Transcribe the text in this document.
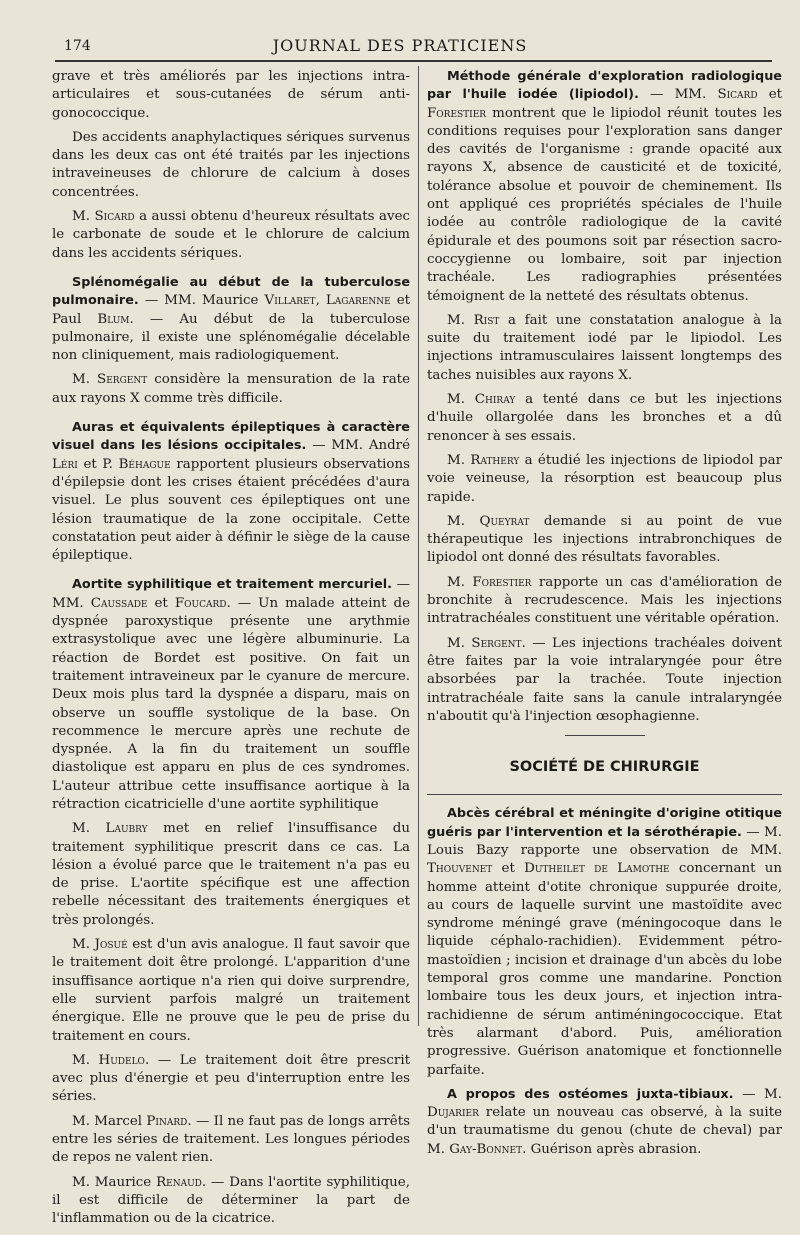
174	JOURNAL DES PRATICIENS

grave et très améliorés par les injections intra-articulaires et sous-cutanées de sérum anti-gonococcique.

Des accidents anaphylactiques sériques survenus dans les deux cas ont été traités par les injections intraveineuses de chlorure de calcium à doses concentrées.

M. Sicard a aussi obtenu d'heureux résultats avec le carbonate de soude et le chlorure de calcium dans les accidents sériques.

Splénomégalie au début de la tuberculose pulmonaire. — MM. Maurice Villaret, Lagarenne et Paul Blum. — Au début de la tuberculose pulmonaire, il existe une splénomégalie décelable non cliniquement, mais radiologiquement.

M. Sergent considère la mensuration de la rate aux rayons X comme très difficile.

Auras et équivalents épileptiques à caractère visuel dans les lésions occipitales. — MM. André Léri et P. Béhague rapportent plusieurs observations d'épilepsie dont les crises étaient précédées d'aura visuel. Le plus souvent ces épileptiques ont une lésion traumatique de la zone occipitale. Cette constatation peut aider à définir le siège de la cause épileptique.

Aortite syphilitique et traitement mercuriel. — MM. Caussade et Foucard. — Un malade atteint de dyspnée paroxystique présente une arythmie extrasystolique avec une légère albuminurie. La réaction de Bordet est positive. On fait un traitement intraveineux par le cyanure de mercure. Deux mois plus tard la dyspnée a disparu, mais on observe un souffle systolique de la base. On recommence le mercure après une rechute de dyspnée. A la fin du traitement un souffle diastolique est apparu en plus de ces syndromes. L'auteur attribue cette insuffisance aortique à la rétraction cicatricielle d'une aortite syphilitique

M. Laubry met en relief l'insuffisance du traitement syphilitique prescrit dans ce cas. La lésion a évolué parce que le traitement n'a pas eu de prise. L'aortite spécifique est une affection rebelle nécessitant des traitements énergiques et très prolongés.

M. Josué est d'un avis analogue. Il faut savoir que le traitement doit être prolongé. L'apparition d'une insuffisance aortique n'a rien qui doive surprendre, elle survient parfois malgré un traitement énergique. Elle ne prouve que le peu de prise du traitement en cours.

M. Hudelo. — Le traitement doit être prescrit avec plus d'énergie et peu d'interruption entre les séries.

M. Marcel Pinard. — Il ne faut pas de longs arrêts entre les séries de traitement. Les longues périodes de repos ne valent rien.

M. Maurice Renaud. — Dans l'aortite syphilitique, il est difficile de déterminer la part de l'inflammation ou de la cicatrice.

Méthode générale d'exploration radiologique par l'huile iodée (lipiodol). — MM. Sicard et Forestier montrent que le lipiodol réunit toutes les conditions requises pour l'exploration sans danger des cavités de l'organisme : grande opacité aux rayons X, absence de causticité et de toxicité, tolérance absolue et pouvoir de cheminement. Ils ont appliqué ces propriétés spéciales de l'huile iodée au contrôle radiologique de la cavité épidurale et des poumons soit par résection sacro-coccygienne ou lombaire, soit par injection trachéale. Les radiographies présentées témoignent de la netteté des résultats obtenus.

M. Rist a fait une constatation analogue à la suite du traitement iodé par le lipiodol. Les injections intramusculaires laissent longtemps des taches nuisibles aux rayons X.

M. Chiray a tenté dans ce but les injections d'huile ollargolée dans les bronches et a dû renoncer à ses essais.

M. Rathery a étudié les injections de lipiodol par voie veineuse, la résorption est beaucoup plus rapide.

M. Queyrat demande si au point de vue thérapeutique les injections intrabronchiques de lipiodol ont donné des résultats favorables.

M. Forestier rapporte un cas d'amélioration de bronchite à recrudescence. Mais les injections intratrachéales constituent une véritable opération.

M. Sergent. — Les injections trachéales doivent être faites par la voie intralaryngée pour être absorbées par la trachée. Toute injection intratrachéale faite sans la canule intralaryngée n'aboutit qu'à l'injection œsophagienne.

SOCIÉTÉ DE CHIRURGIE

Abcès cérébral et méningite d'origine otitique guéris par l'intervention et la sérothérapie. — M. Louis Bazy rapporte une observation de MM. Thouvenet et Dutheilet de Lamothe concernant un homme atteint d'otite chronique suppurée droite, au cours de laquelle survint une mastoïdite avec syndrome méningé grave (méningocoque dans le liquide céphalo-rachidien). Evidemment pétro-mastoïdien ; incision et drainage d'un abcès du lobe temporal gros comme une mandarine. Ponction lombaire tous les deux jours, et injection intra-rachidienne de sérum antiméningococcique. Etat très alarmant d'abord. Puis, amélioration progressive. Guérison anatomique et fonctionnelle parfaite.

A propos des ostéomes juxta-tibiaux. — M. Dujarier relate un nouveau cas observé, à la suite d'un traumatisme du genou (chute de cheval) par M. Gay-Bonnet. Guérison après abrasion.
